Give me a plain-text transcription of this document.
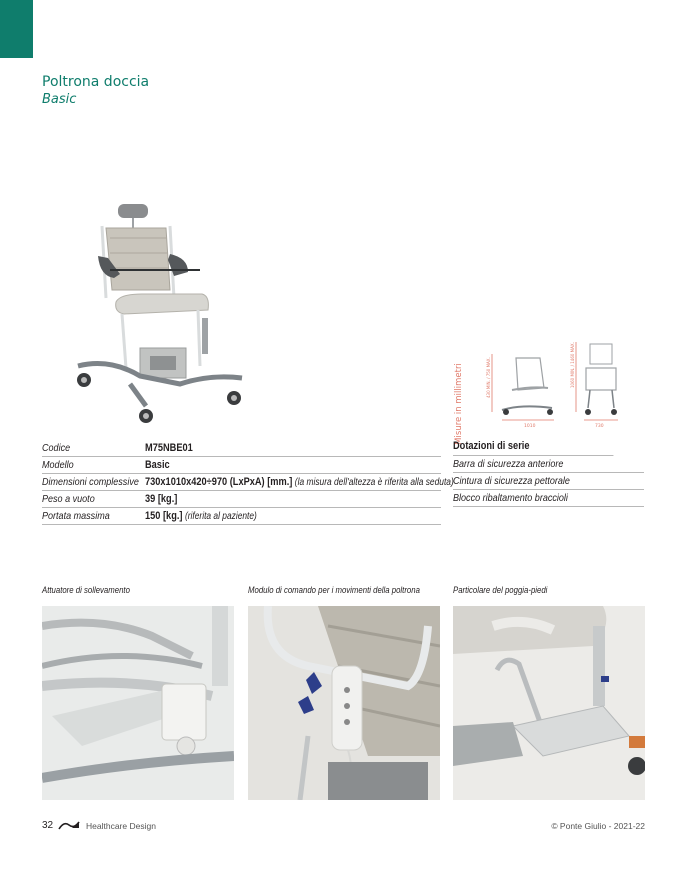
Poltrona doccia
Basic
Misure in millimetri	430 MIN. / 750 MAX.
1010
1060 MIN. / 1460 MAX.
730
Codice	M75NBE01
Modello	Basic
Dimensioni complessive 730x1010x420÷970 (LxPxA) [mm.] (la misura dell'altezza è riferita alla seduta)
Peso a vuoto	39 [kg.]
Portata massima	150 [kg.] (riferita al paziente)
Dotazioni di serie
Barra di sicurezza anteriore
Cintura di sicurezza pettorale
Blocco ribaltamento braccioli
Attuatore di sollevamento	Modulo di comando per i movimenti della poltrona	Particolare del poggia-piedi
32	Healthcare Design	© Ponte Giulio - 2021-22
